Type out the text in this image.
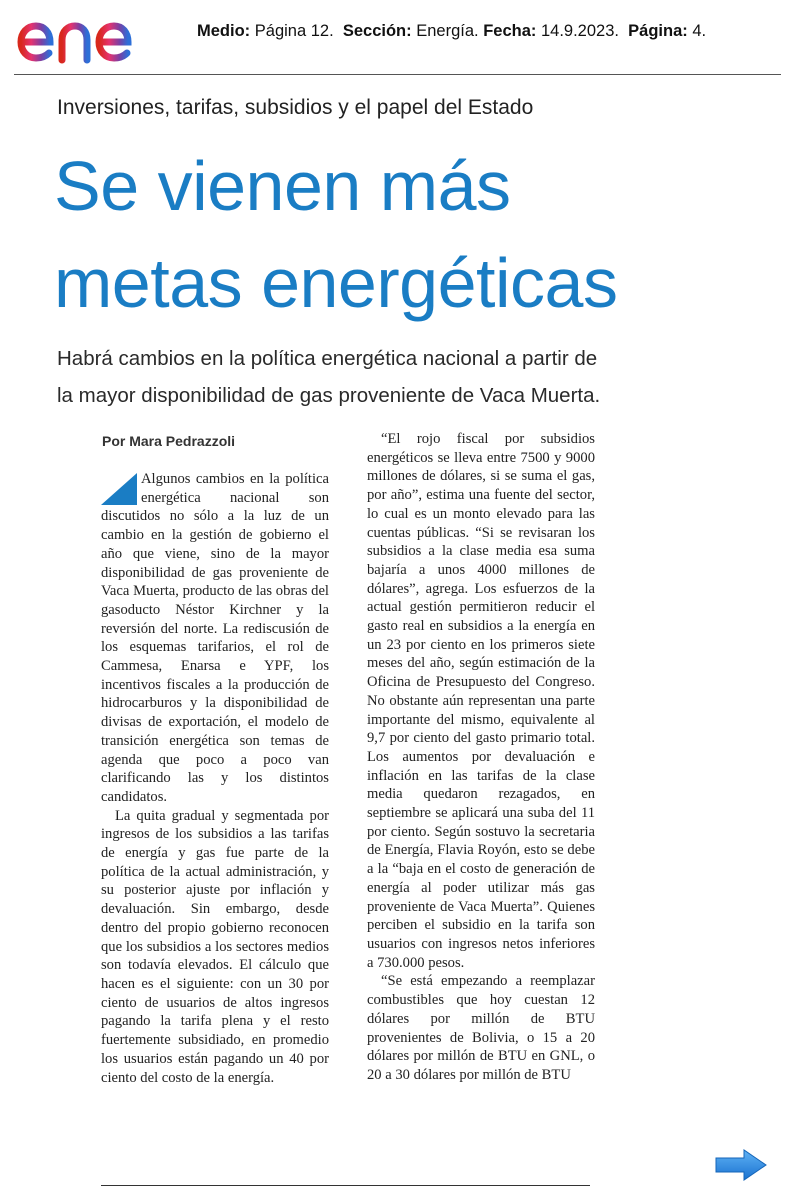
Medio: Página 12. Sección: Energía. Fecha: 14.9.2023. Página: 4.
Inversiones, tarifas, subsidios y el papel del Estado
Se vienen más
metas energéticas
Habrá cambios en la política energética nacional a partir de
la mayor disponibilidad de gas proveniente de Vaca Muerta.
Por Mara Pedrazzoli

Algunos cambios en la política energética nacional son discutidos no sólo a la luz de un cambio en la gestión de gobierno el año que viene, sino de la mayor disponibilidad de gas proveniente de Vaca Muerta, producto de las obras del gasoducto Néstor Kirchner y la reversión del norte. La rediscusión de los esquemas tarifarios, el rol de Cammesa, Enarsa e YPF, los incentivos fiscales a la producción de hidrocarburos y la disponibilidad de divisas de exportación, el modelo de transición energética son temas de agenda que poco a poco van clarificando las y los distintos candidatos.

La quita gradual y segmentada por ingresos de los subsidios a las tarifas de energía y gas fue parte de la política de la actual administración, y su posterior ajuste por inflación y devaluación. Sin embargo, desde dentro del propio gobierno reconocen que los subsidios a los sectores medios son todavía elevados. El cálculo que hacen es el siguiente: con un 30 por ciento de usuarios de altos ingresos pagando la tarifa plena y el resto fuertemente subsidiado, en promedio los usuarios están pagando un 40 por ciento del costo de la energía.

“El rojo fiscal por subsidios energéticos se lleva entre 7500 y 9000 millones de dólares, si se suma el gas, por año”, estima una fuente del sector, lo cual es un monto elevado para las cuentas públicas. “Si se revisaran los subsidios a la clase media esa suma bajaría a unos 4000 millones de dólares”, agrega. Los esfuerzos de la actual gestión permitieron reducir el gasto real en subsidios a la energía en un 23 por ciento en los primeros siete meses del año, según estimación de la Oficina de Presupuesto del Congreso. No obstante aún representan una parte importante del mismo, equivalente al 9,7 por ciento del gasto primario total. Los aumentos por devaluación e inflación en las tarifas de la clase media quedaron rezagados, en septiembre se aplicará una suba del 11 por ciento. Según sostuvo la secretaria de Energía, Flavia Royón, esto se debe a la “baja en el costo de generación de energía al poder utilizar más gas proveniente de Vaca Muerta”. Quienes perciben el subsidio en la tarifa son usuarios con ingresos netos inferiores a 730.000 pesos.

“Se está empezando a reemplazar combustibles que hoy cuestan 12 dólares por millón de BTU provenientes de Bolivia, o 15 a 20 dólares por millón de BTU en GNL, o 20 a 30 dólares por millón de BTU
